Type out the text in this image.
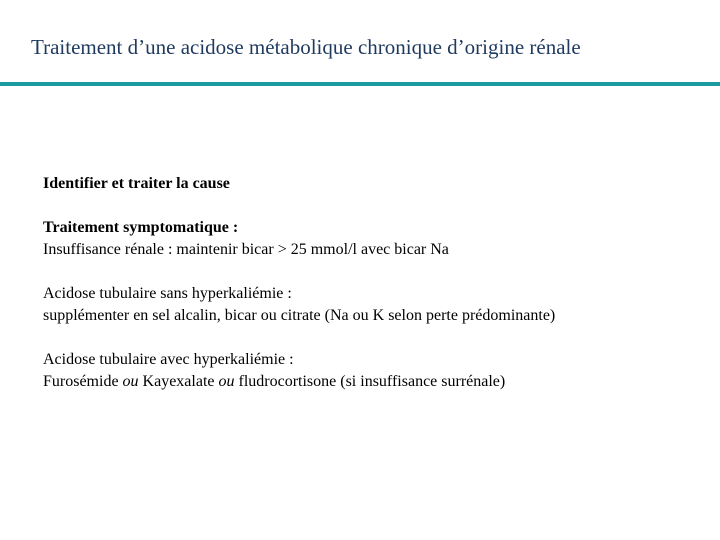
Traitement d’une acidose métabolique chronique d’origine rénale
Identifier et traiter la cause
Traitement symptomatique :
Insuffisance rénale : maintenir bicar > 25 mmol/l avec bicar Na
Acidose tubulaire sans hyperkaliémie :
supplémenter en sel alcalin, bicar ou citrate (Na ou K selon perte prédominante)
Acidose tubulaire avec hyperkaliémie :
Furosémide ou Kayexalate ou fludrocortisone (si insuffisance surrénale)
